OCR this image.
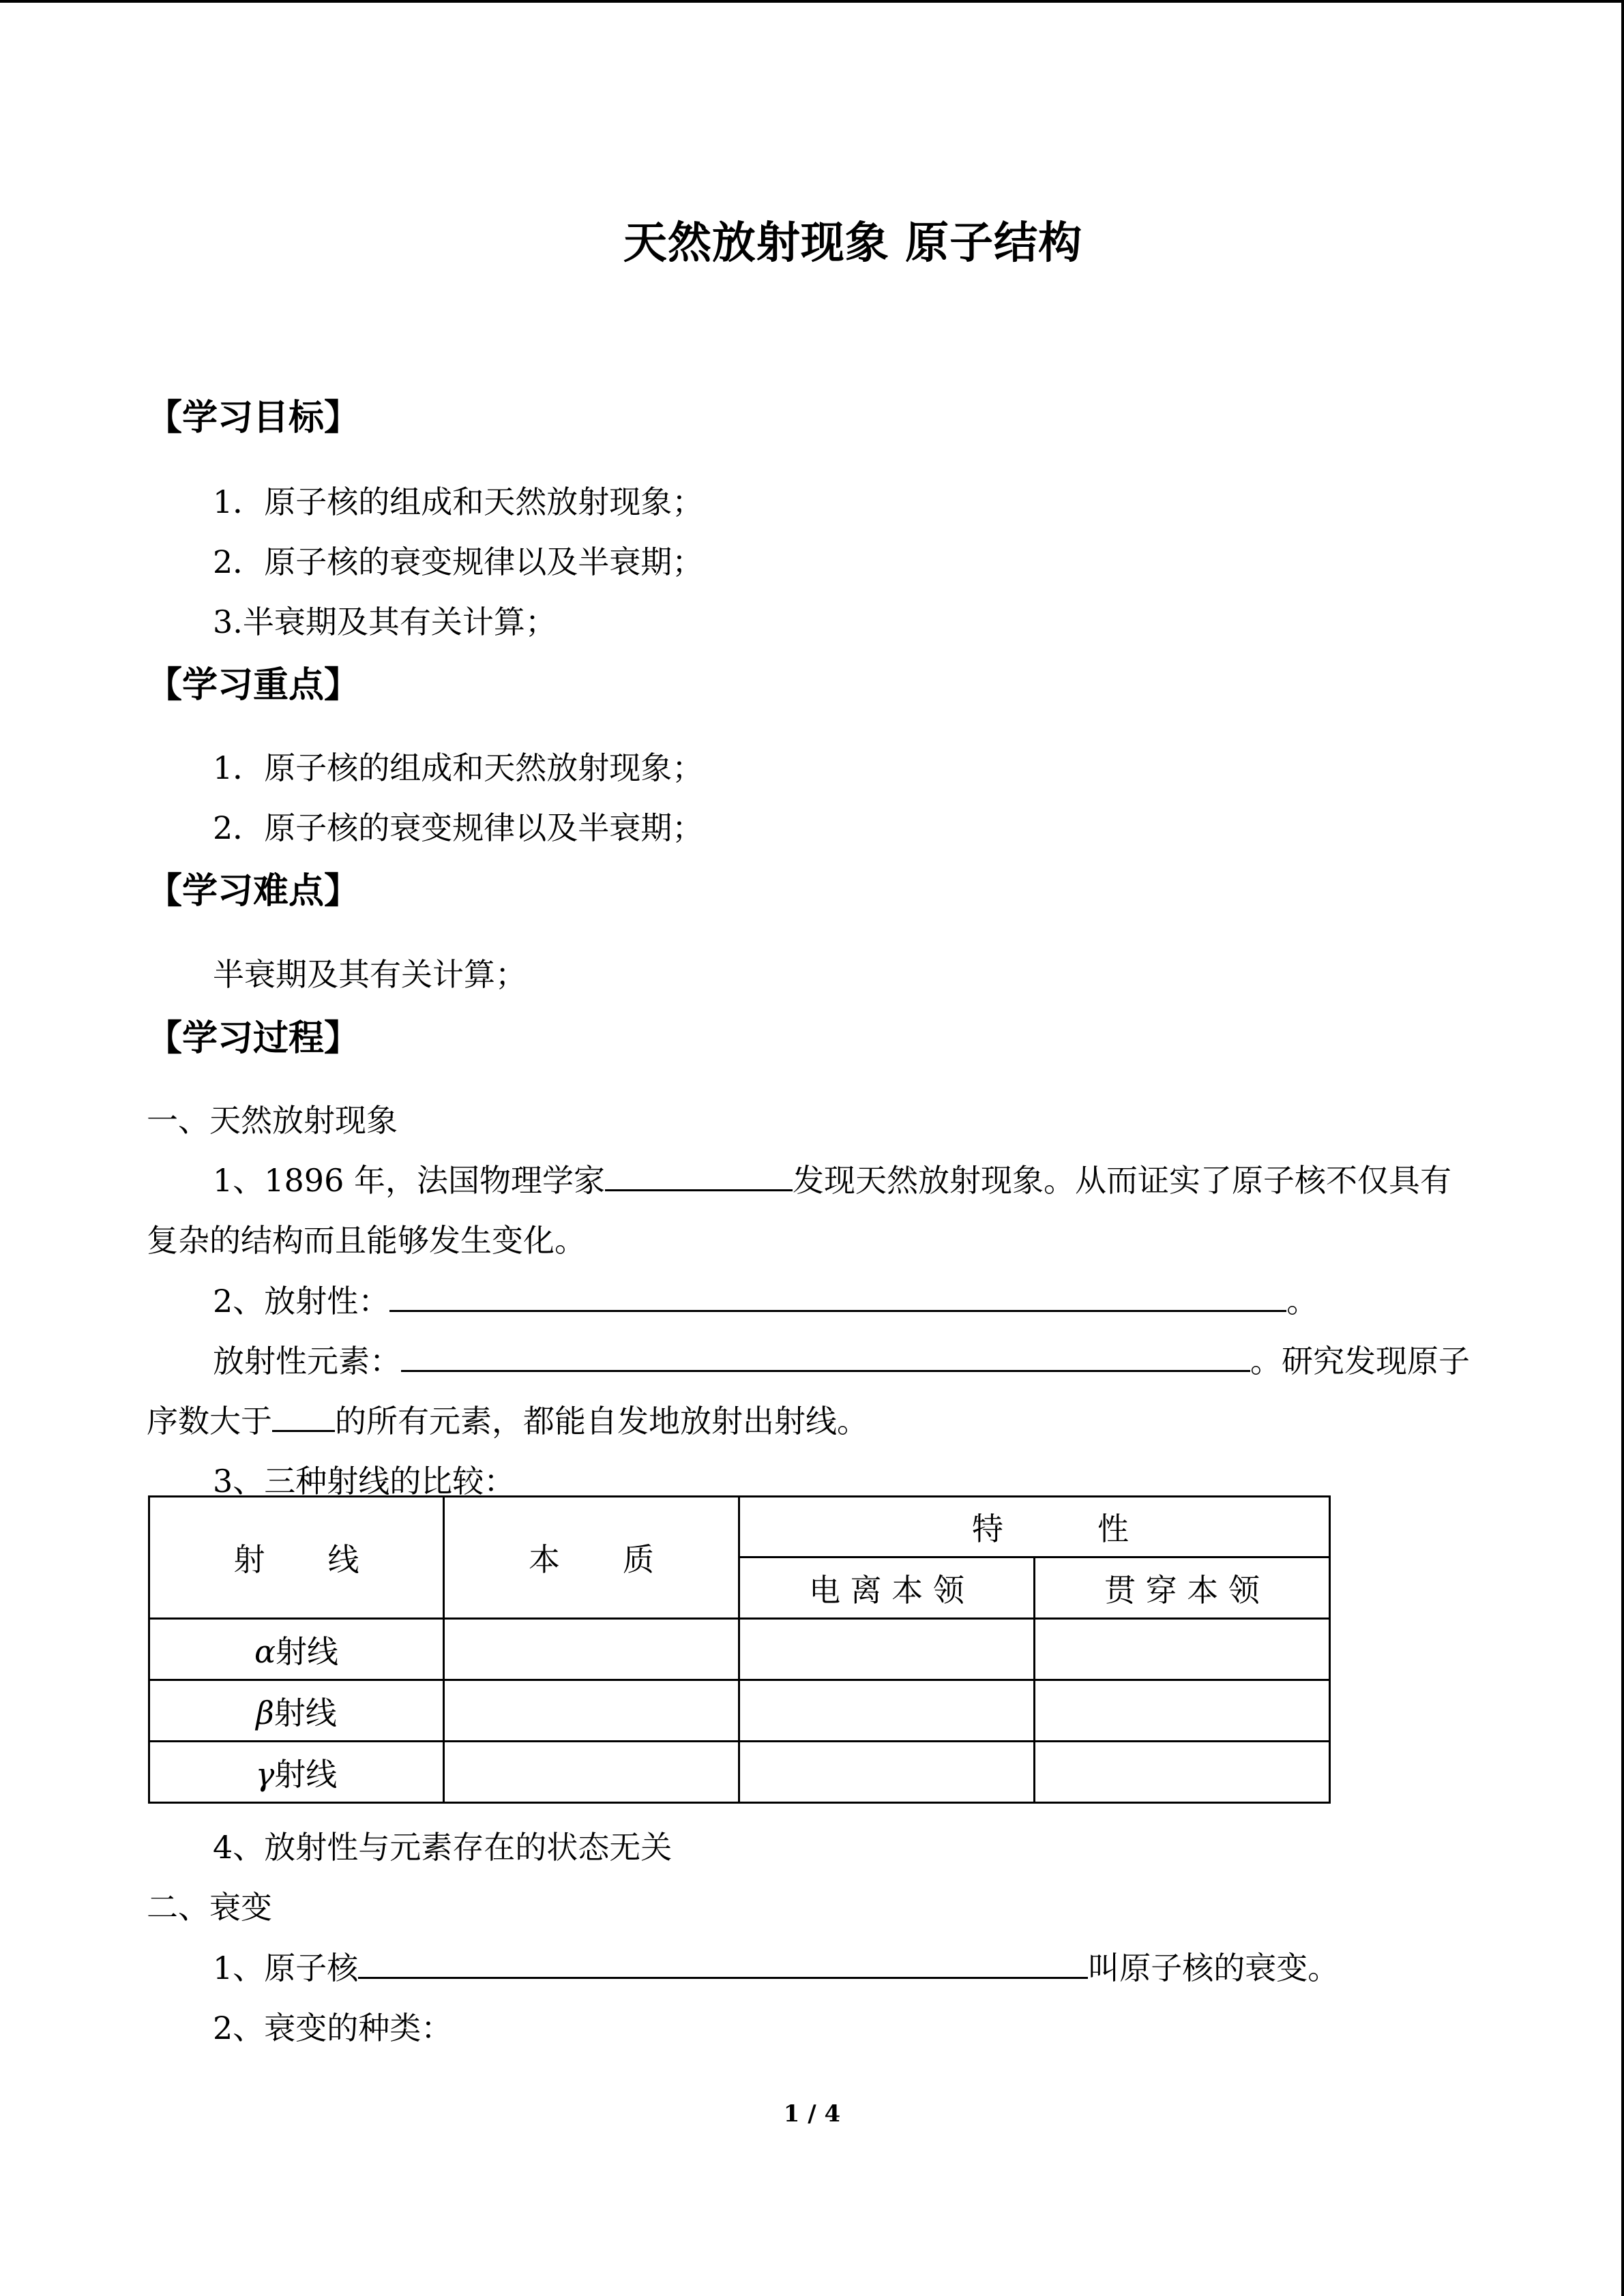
天然放射现象 原子结构
【学习目标】
1．原子核的组成和天然放射现象；
2．原子核的衰变规律以及半衰期；
3.半衰期及其有关计算；
【学习重点】
1．原子核的组成和天然放射现象；
2．原子核的衰变规律以及半衰期；
【学习难点】
半衰期及其有关计算；
【学习过程】
一、天然放射现象
1、1896 年，法国物理学家	发现天然放射现象。从而证实了原子核不仅具有
复杂的结构而且能够发生变化。
2、放射性：	。
放射性元素：	。研究发现原子
序数大于 的所有元素，都能自发地放射出射线。
3、三种射线的比较：
射　　线	本　　质	特　　　性	
		电 离 本 领	贯 穿 本 领
α射线			
β射线			
γ射线			
4、放射性与元素存在的状态无关
二、衰变
1、原子核	叫原子核的衰变。
2、衰变的种类：
1 / 4
